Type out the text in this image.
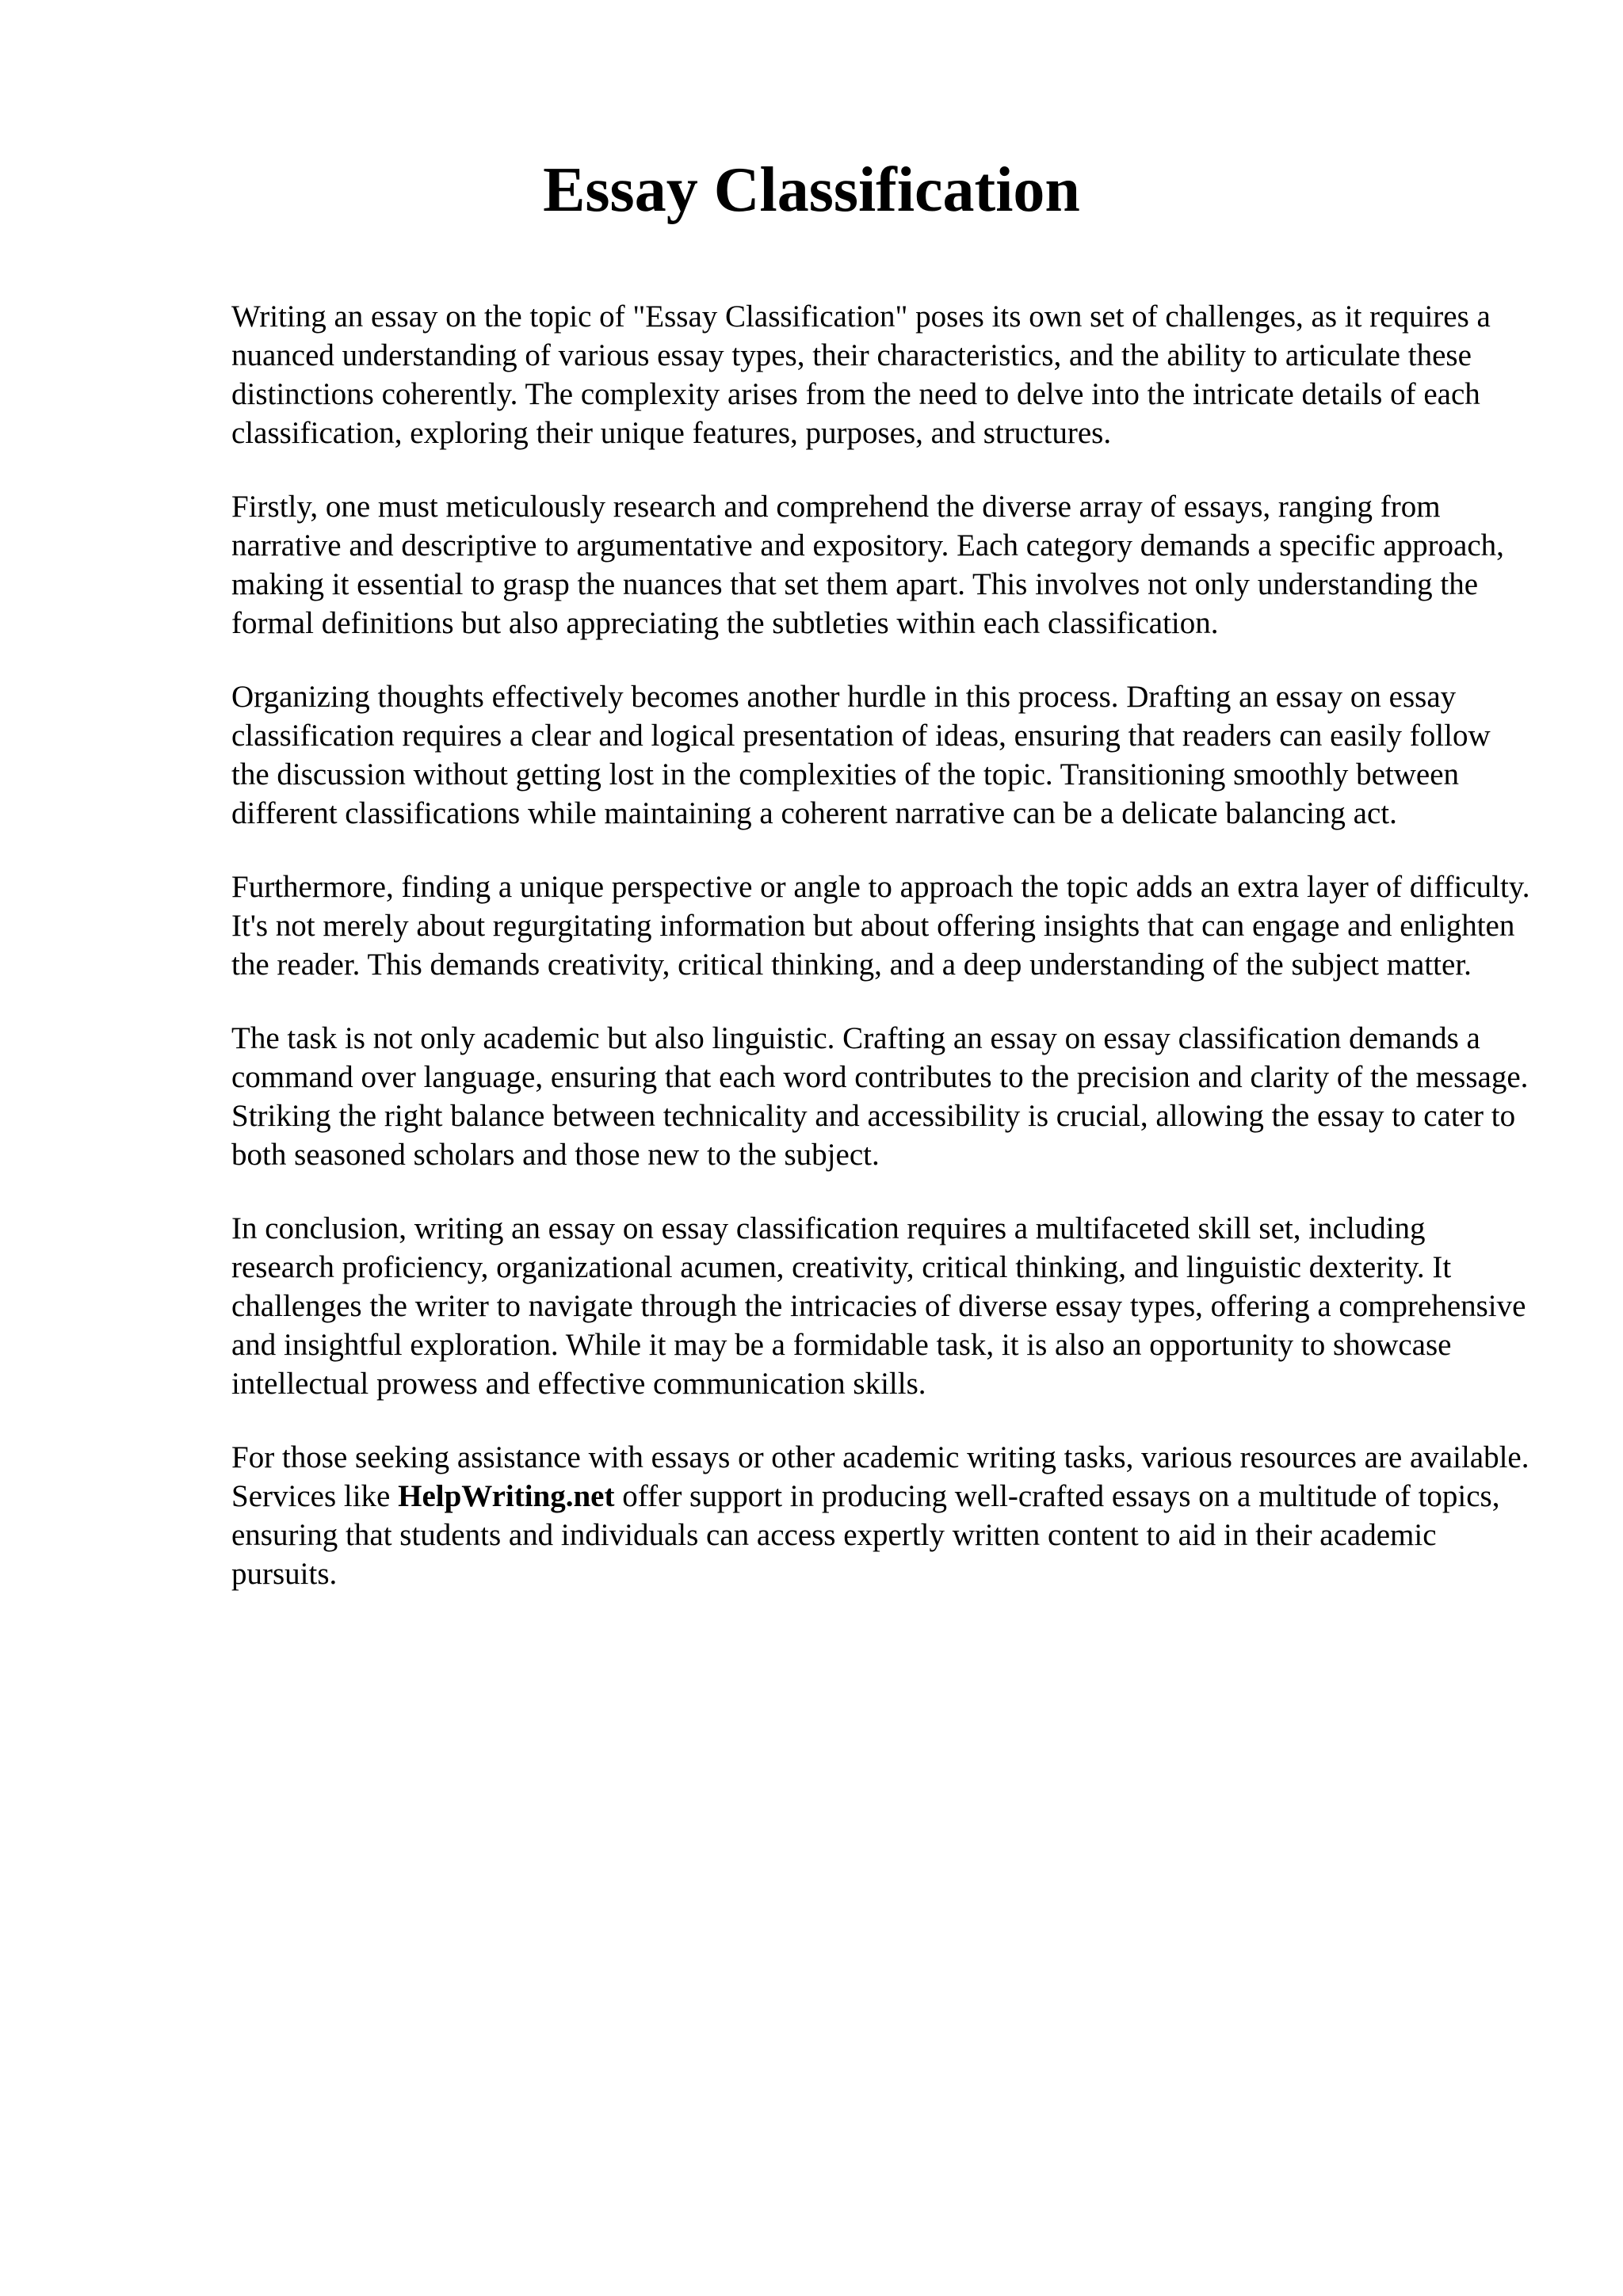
Essay Classification

Writing an essay on the topic of "Essay Classification" poses its own set of challenges, as it requires a nuanced understanding of various essay types, their characteristics, and the ability to articulate these distinctions coherently. The complexity arises from the need to delve into the intricate details of each classification, exploring their unique features, purposes, and structures.

Firstly, one must meticulously research and comprehend the diverse array of essays, ranging from narrative and descriptive to argumentative and expository. Each category demands a specific approach, making it essential to grasp the nuances that set them apart. This involves not only understanding the formal definitions but also appreciating the subtleties within each classification.

Organizing thoughts effectively becomes another hurdle in this process. Drafting an essay on essay classification requires a clear and logical presentation of ideas, ensuring that readers can easily follow the discussion without getting lost in the complexities of the topic. Transitioning smoothly between different classifications while maintaining a coherent narrative can be a delicate balancing act.

Furthermore, finding a unique perspective or angle to approach the topic adds an extra layer of difficulty. It's not merely about regurgitating information but about offering insights that can engage and enlighten the reader. This demands creativity, critical thinking, and a deep understanding of the subject matter.

The task is not only academic but also linguistic. Crafting an essay on essay classification demands a command over language, ensuring that each word contributes to the precision and clarity of the message. Striking the right balance between technicality and accessibility is crucial, allowing the essay to cater to both seasoned scholars and those new to the subject.

In conclusion, writing an essay on essay classification requires a multifaceted skill set, including research proficiency, organizational acumen, creativity, critical thinking, and linguistic dexterity. It challenges the writer to navigate through the intricacies of diverse essay types, offering a comprehensive and insightful exploration. While it may be a formidable task, it is also an opportunity to showcase intellectual prowess and effective communication skills.

For those seeking assistance with essays or other academic writing tasks, various resources are available. Services like HelpWriting.net offer support in producing well-crafted essays on a multitude of topics, ensuring that students and individuals can access expertly written content to aid in their academic pursuits.
